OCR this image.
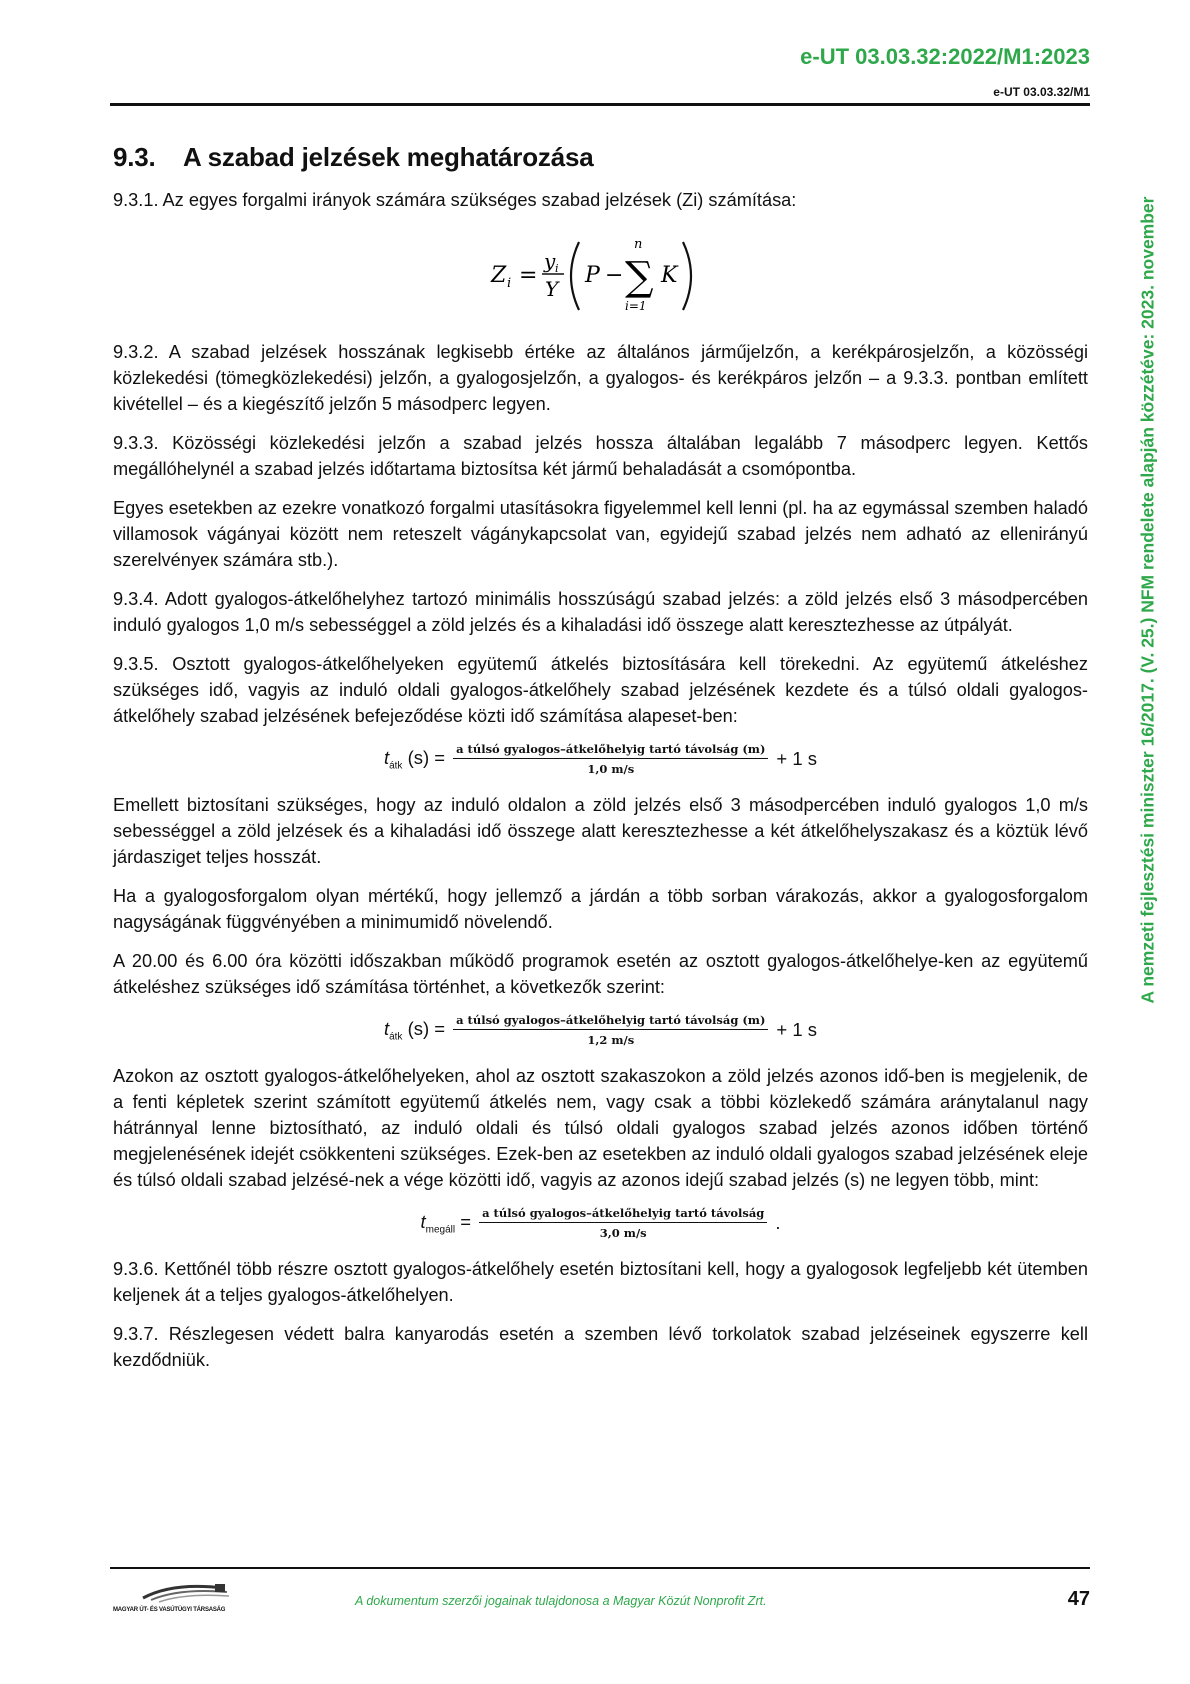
e-UT 03.03.32:2022/M1:2023
e-UT 03.03.32/M1
A nemzeti fejlesztési miniszter 16/2017. (V. 25.) NFM rendelete alapján közzétéve: 2023. november
9.3. A szabad jelzések meghatározása

9.3.1. Az egyes forgalmi irányok számára szükséges szabad jelzések (Zi) számítása:

Z i =
y i
Y
P −
n
∑
i=1
K

9.3.2. A szabad jelzések hosszának legkisebb értéke az általános járműjelzőn, a kerékpárosjelzőn, a közösségi közlekedési (tömegközlekedési) jelzőn, a gyalogosjelzőn, a gyalogos- és kerékpáros jelzőn – a 9.3.3. pontban említett kivétellel – és a kiegészítő jelzőn 5 másodperc legyen.

9.3.3. Közösségi közlekedési jelzőn a szabad jelzés hossza általában legalább 7 másodperc legyen. Kettős megállóhelynél a szabad jelzés időtartama biztosítsa két jármű behaladását a csomópontba.

Egyes esetekben az ezekre vonatkozó forgalmi utasításokra figyelemmel kell lenni (pl. ha az egymással szemben haladó villamosok vágányai között nem reteszelt vágánykapcsolat van, egyidejű szabad jelzés nem adható az ellenirányú szerelvényeк számára stb.).

9.3.4. Adott gyalogos-átkelőhelyhez tartozó minimális hosszúságú szabad jelzés: a zöld jelzés első 3 másodpercében induló gyalogos 1,0 m/s sebességgel a zöld jelzés és a kihaladási idő összege alatt keresztezhesse az útpályát.

9.3.5. Osztott gyalogos-átkelőhelyeken együtemű átkelés biztosítására kell törekedni. Az együtemű átkeléshez szükséges idő, vagyis az induló oldali gyalogos-átkelőhely szabad jelzésének kezdete és a túlsó oldali gyalogos-átkelőhely szabad jelzésének befejeződése közti idő számítása alapeset-ben:

$t_{átk}$ $(s) = \frac{\text{a túlsó gyalogos–átkelőhelyig tartó távolság (m)}}{1,0 m/s} + 1$ s

Emellett biztosítani szükséges, hogy az induló oldalon a zöld jelzés első 3 másodpercében induló gyalogos 1,0 m/s sebességgel a zöld jelzések és a kihaladási idő összege alatt keresztezhesse a két átkelőhelyszakasz és a köztük lévő járdasziget teljes hosszát.

Ha a gyalogosforgalom olyan mértékű, hogy jellemző a járdán a több sorban várakozás, akkor a gyalogosforgalom nagyságának függvényében a minimumidő növelendő.

A 20.00 és 6.00 óra közötti időszakban működő programok esetén az osztott gyalogos-átkelőhelye-ken az együtemű átkeléshez szükséges idő számítása történhet, a következők szerint:

$t_{átk}$ $(s) = \frac{\text{a túlsó gyalogos–átkelőhelyig tartó távolság (m)}}{1,2 m/s} + 1$ s

Azokon az osztott gyalogos-átkelőhelyeken, ahol az osztott szakaszokon a zöld jelzés azonos idő-ben is megjelenik, de a fenti képletek szerint számított együtemű átkelés nem, vagy csak a többi közlekedő számára aránytalanul nagy hátránnyal lenne biztosítható, az induló oldali és túlsó oldali gyalogos szabad jelzés azonos időben történő megjelenésének idejét csökkenteni szükséges. Ezek-ben az esetekben az induló oldali gyalogos szabad jelzésének eleje és túlsó oldali szabad jelzésé-nek a vége közötti idő, vagyis az azonos idejű szabad jelzés (s) ne legyen több, mint:

$t_{megáll} = \frac{\text{a túlsó gyalogos–átkelőhelyig tartó távolság}}{3,0 m/s}$ .

9.3.6. Kettőnél több részre osztott gyalogos-átkelőhely esetén biztosítani kell, hogy a gyalogosok legfeljebb két ütemben keljenek át a teljes gyalogos-átkelőhelyen.

9.3.7. Részlegesen védett balra kanyarodás esetén a szemben lévő torkolatok szabad jelzéseinek egyszerre kell kezdődniük.

MAGYAR ÚT- ÉS VASÚTÜGYI TÁRSASÁG
A dokumentum szerzői jogainak tulajdonosa a Magyar Közút Nonprofit Zrt.	47
